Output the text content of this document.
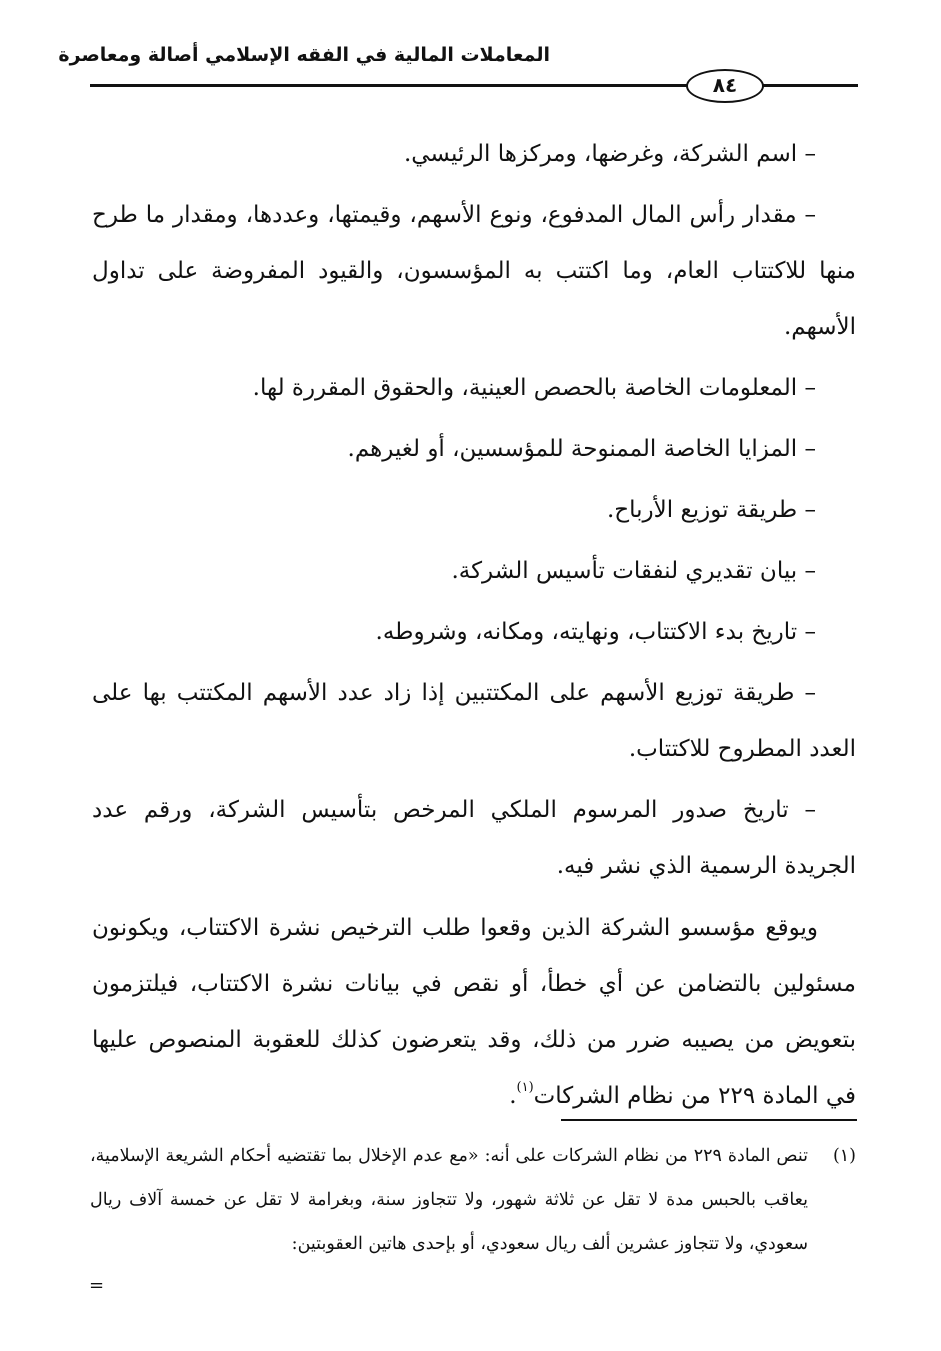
المعاملات المالية في الفقه الإسلامي أصالة ومعاصرة
٨٤

– اسم الشركة، وغرضها، ومركزها الرئيسي.

– مقدار رأس المال المدفوع، ونوع الأسهم، وقيمتها، وعددها، ومقدار ما طرح منها للاكتتاب العام، وما اكتتب به المؤسسون، والقيود المفروضة على تداول الأسهم.

– المعلومات الخاصة بالحصص العينية، والحقوق المقررة لها.

– المزايا الخاصة الممنوحة للمؤسسين، أو لغيرهم.

– طريقة توزيع الأرباح.

– بيان تقديري لنفقات تأسيس الشركة.

– تاريخ بدء الاكتتاب، ونهايته، ومكانه، وشروطه.

– طريقة توزيع الأسهم على المكتتبين إذا زاد عدد الأسهم المكتتب بها على العدد المطروح للاكتتاب.

– تاريخ صدور المرسوم الملكي المرخص بتأسيس الشركة، ورقم عدد الجريدة الرسمية الذي نشر فيه.

ويوقع مؤسسو الشركة الذين وقعوا طلب الترخيص نشرة الاكتتاب، ويكونون مسئولين بالتضامن عن أي خطأ، أو نقص في بيانات نشرة الاكتتاب، فيلتزمون بتعويض من يصيبه ضرر من ذلك، وقد يتعرضون كذلك للعقوبة المنصوص عليها في المادة ٢٢٩ من نظام الشركات$^{(١)}$.

(١)
تنص المادة ٢٢٩ من نظام الشركات على أنه: «مع عدم الإخلال بما تقتضيه أحكام الشريعة الإسلامية، يعاقب بالحبس مدة لا تقل عن ثلاثة شهور، ولا تتجاوز سنة، وبغرامة لا تقل عن خمسة آلاف ريال سعودي، ولا تتجاوز عشرين ألف ريال سعودي، أو بإحدى هاتين العقوبتين:
=
